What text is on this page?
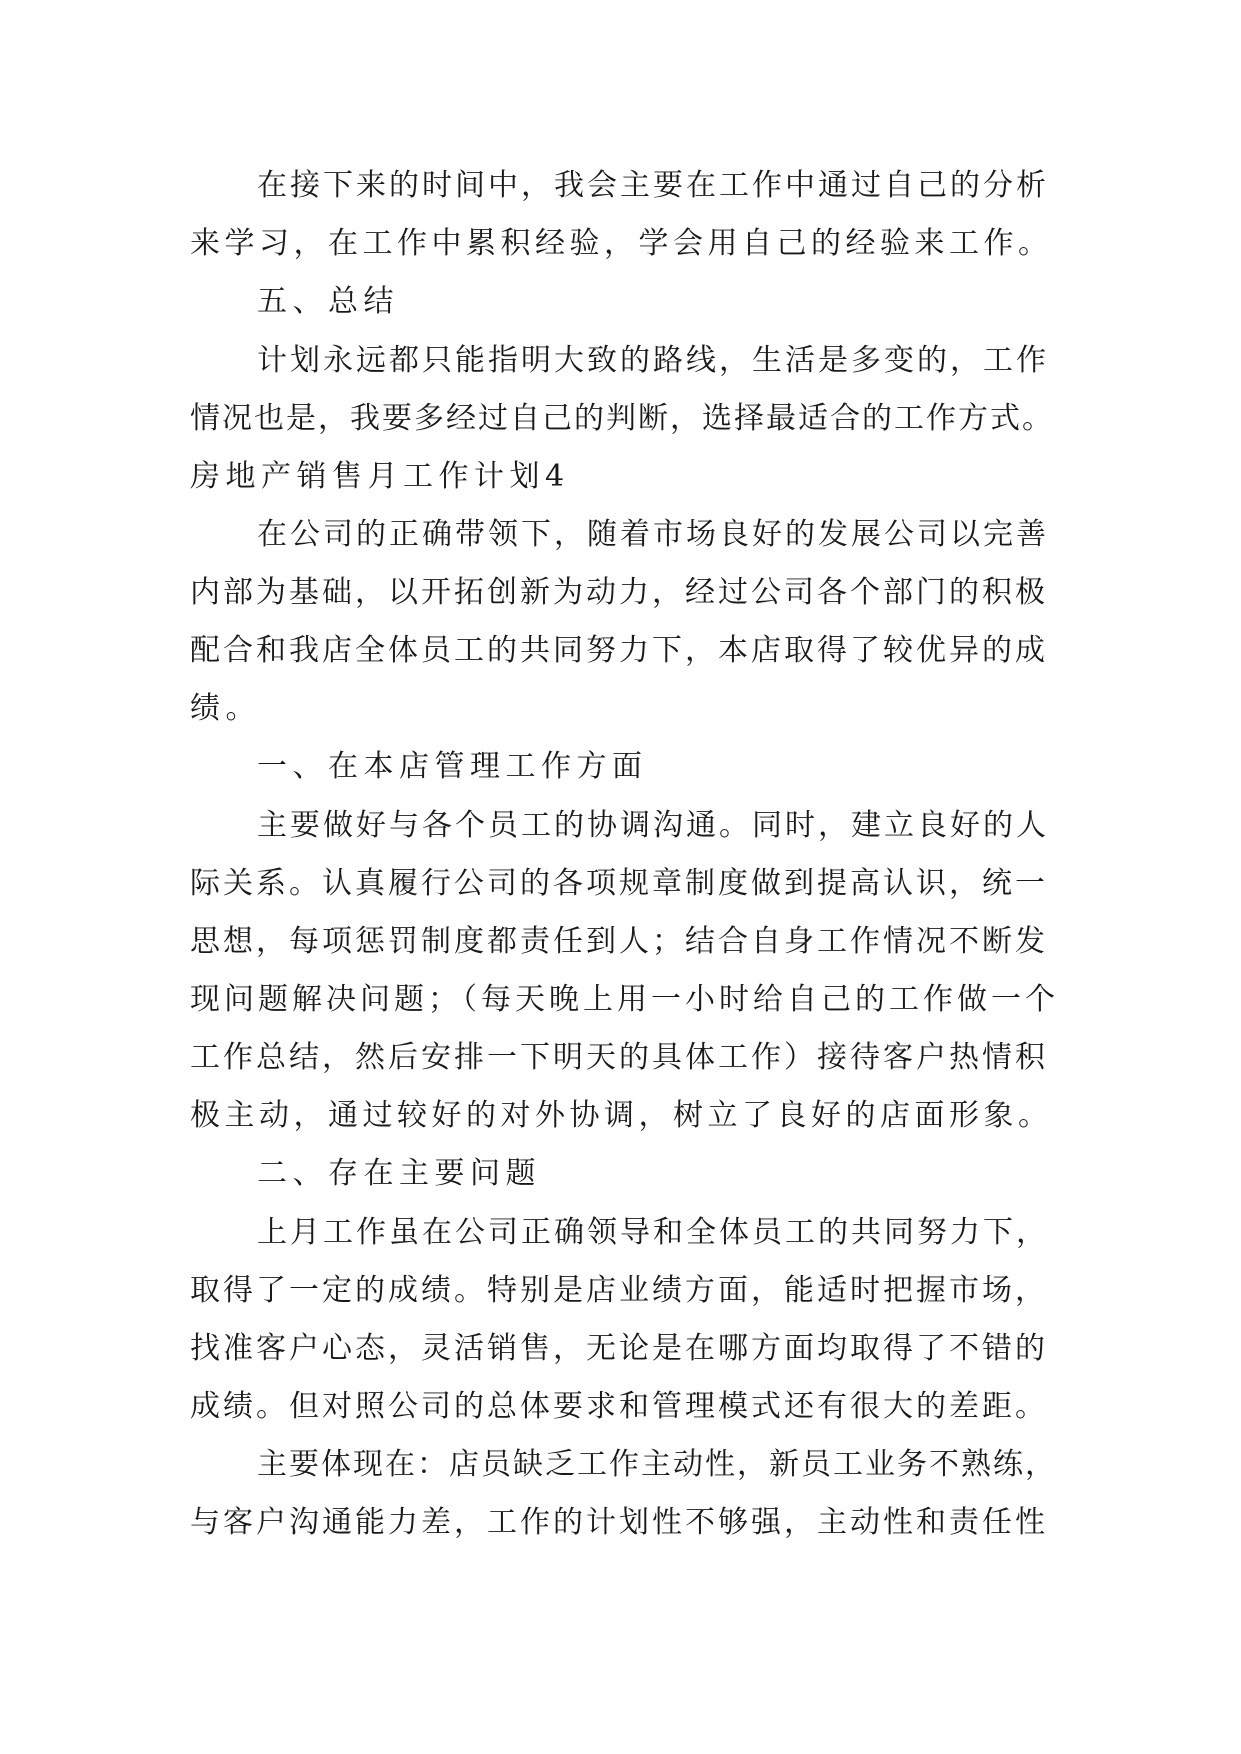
在接下来的时间中，我会主要在工作中通过自己的分析
来学习，在工作中累积经验，学会用自己的经验来工作。
五、总结
计划永远都只能指明大致的路线，生活是多变的，工作
情况也是，我要多经过自己的判断，选择最适合的工作方式。
房地产销售月工作计划4
在公司的正确带领下，随着市场良好的发展公司以完善
内部为基础，以开拓创新为动力，经过公司各个部门的积极
配合和我店全体员工的共同努力下，本店取得了较优异的成
绩。
一、在本店管理工作方面
主要做好与各个员工的协调沟通。同时，建立良好的人
际关系。认真履行公司的各项规章制度做到提高认识，统一
思想，每项惩罚制度都责任到人；结合自身工作情况不断发
现问题解决问题；（每天晚上用一小时给自己的工作做一个
工作总结，然后安排一下明天的具体工作）接待客户热情积
极主动，通过较好的对外协调，树立了良好的店面形象。
二、存在主要问题
上月工作虽在公司正确领导和全体员工的共同努力下，
取得了一定的成绩。特别是店业绩方面，能适时把握市场，
找准客户心态，灵活销售，无论是在哪方面均取得了不错的
成绩。但对照公司的总体要求和管理模式还有很大的差距。
主要体现在：店员缺乏工作主动性，新员工业务不熟练，
与客户沟通能力差，工作的计划性不够强，主动性和责任性
